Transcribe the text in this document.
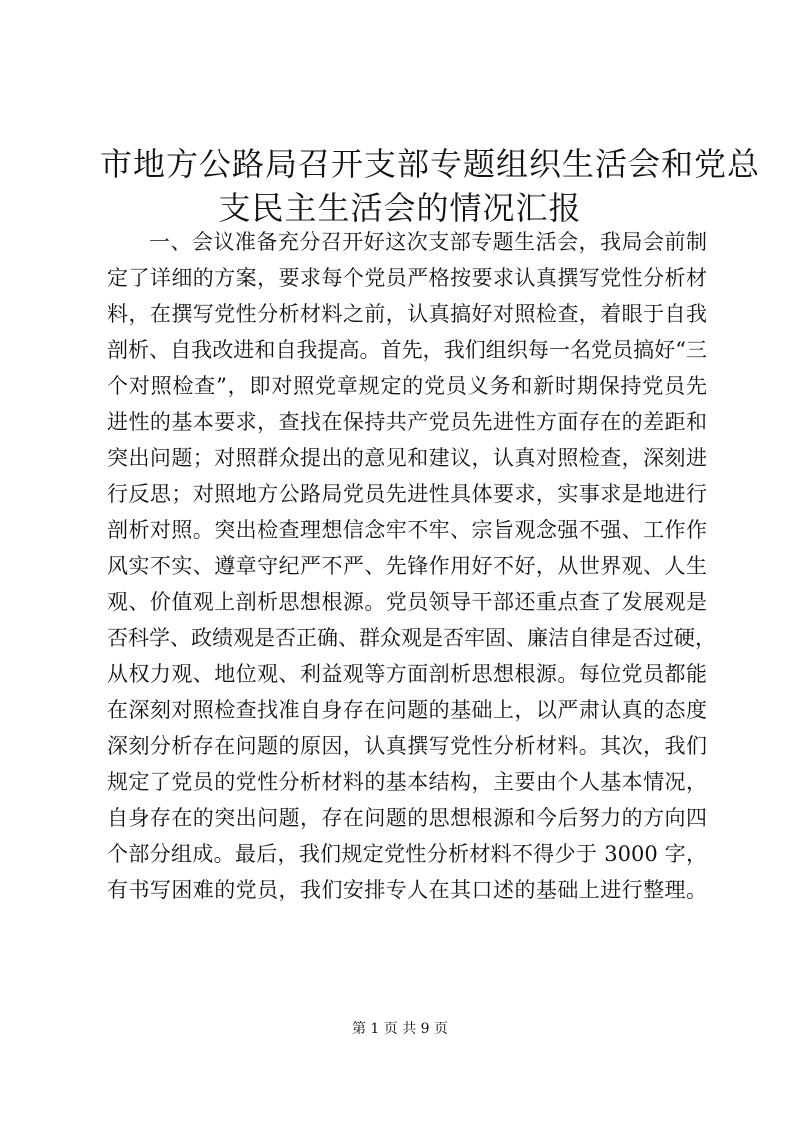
市地方公路局召开支部专题组织生活会和党总
支民主生活会的情况汇报
一、会议准备充分召开好这次支部专题生活会，我局会前制
定了详细的方案，要求每个党员严格按要求认真撰写党性分析材
料，在撰写党性分析材料之前，认真搞好对照检查，着眼于自我
剖析、自我改进和自我提高。首先，我们组织每一名党员搞好“三
个对照检查”，即对照党章规定的党员义务和新时期保持党员先
进性的基本要求，查找在保持共产党员先进性方面存在的差距和
突出问题；对照群众提出的意见和建议，认真对照检查，深刻进
行反思；对照地方公路局党员先进性具体要求，实事求是地进行
剖析对照。突出检查理想信念牢不牢、宗旨观念强不强、工作作
风实不实、遵章守纪严不严、先锋作用好不好，从世界观、人生
观、价值观上剖析思想根源。党员领导干部还重点查了发展观是
否科学、政绩观是否正确、群众观是否牢固、廉洁自律是否过硬，
从权力观、地位观、利益观等方面剖析思想根源。每位党员都能
在深刻对照检查找准自身存在问题的基础上，以严肃认真的态度
深刻分析存在问题的原因，认真撰写党性分析材料。其次，我们
规定了党员的党性分析材料的基本结构，主要由个人基本情况，
自身存在的突出问题，存在问题的思想根源和今后努力的方向四
个部分组成。最后，我们规定党性分析材料不得少于 3000 字，
有书写困难的党员，我们安排专人在其口述的基础上进行整理。
第 1 页 共 9 页
